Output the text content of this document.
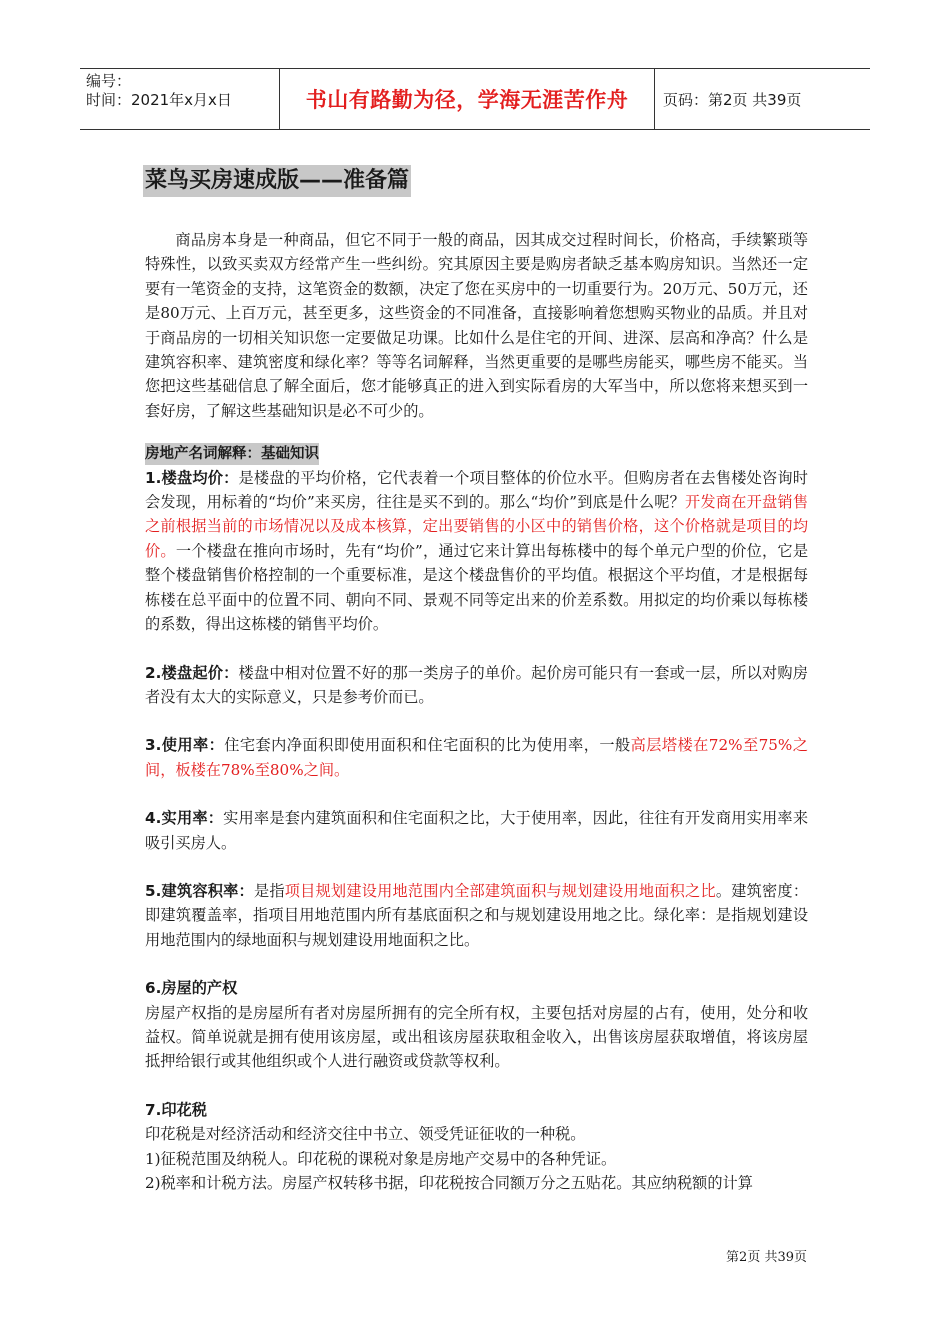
编号：
时间：2021年x月x日	书山有路勤为径，学海无涯苦作舟	页码：第2页 共39页
菜鸟买房速成版——准备篇

商品房本身是一种商品，但它不同于一般的商品，因其成交过程时间长，价格高，手续繁琐等特殊性，以致买卖双方经常产生一些纠纷。究其原因主要是购房者缺乏基本购房知识。当然还一定要有一笔资金的支持，这笔资金的数额，决定了您在买房中的一切重要行为。20万元、50万元，还是80万元、上百万元，甚至更多，这些资金的不同准备，直接影响着您想购买物业的品质。并且对于商品房的一切相关知识您一定要做足功课。比如什么是住宅的开间、进深、层高和净高？什么是建筑容积率、建筑密度和绿化率？等等名词解释，当然更重要的是哪些房能买，哪些房不能买。当您把这些基础信息了解全面后，您才能够真正的进入到实际看房的大军当中，所以您将来想买到一套好房，了解这些基础知识是必不可少的。

房地产名词解释：基础知识

1.楼盘均价：是楼盘的平均价格，它代表着一个项目整体的价位水平。但购房者在去售楼处咨询时会发现，用标着的“均价”来买房，往往是买不到的。那么“均价”到底是什么呢？开发商在开盘销售之前根据当前的市场情况以及成本核算，定出要销售的小区中的销售价格，这个价格就是项目的均价。一个楼盘在推向市场时，先有“均价”，通过它来计算出每栋楼中的每个单元户型的价位，它是整个楼盘销售价格控制的一个重要标准，是这个楼盘售价的平均值。根据这个平均值，才是根据每栋楼在总平面中的位置不同、朝向不同、景观不同等定出来的价差系数。用拟定的均价乘以每栋楼的系数，得出这栋楼的销售平均价。

2.楼盘起价：楼盘中相对位置不好的那一类房子的单价。起价房可能只有一套或一层，所以对购房者没有太大的实际意义，只是参考价而已。

3.使用率：住宅套内净面积即使用面积和住宅面积的比为使用率，一般高层塔楼在72%至75%之间，板楼在78%至80%之间。

4.实用率：实用率是套内建筑面积和住宅面积之比，大于使用率，因此，往往有开发商用实用率来吸引买房人。

5.建筑容积率：是指项目规划建设用地范围内全部建筑面积与规划建设用地面积之比。建筑密度：即建筑覆盖率，指项目用地范围内所有基底面积之和与规划建设用地之比。绿化率：是指规划建设用地范围内的绿地面积与规划建设用地面积之比。

6.房屋的产权

房屋产权指的是房屋所有者对房屋所拥有的完全所有权，主要包括对房屋的占有，使用，处分和收益权。简单说就是拥有使用该房屋，或出租该房屋获取租金收入，出售该房屋获取增值，将该房屋抵押给银行或其他组织或个人进行融资或贷款等权利。

7.印花税

印花税是对经济活动和经济交往中书立、领受凭证征收的一种税。

1)征税范围及纳税人。印花税的课税对象是房地产交易中的各种凭证。

2)税率和计税方法。房屋产权转移书据，印花税按合同额万分之五贴花。其应纳税额的计算

第2页 共39页
